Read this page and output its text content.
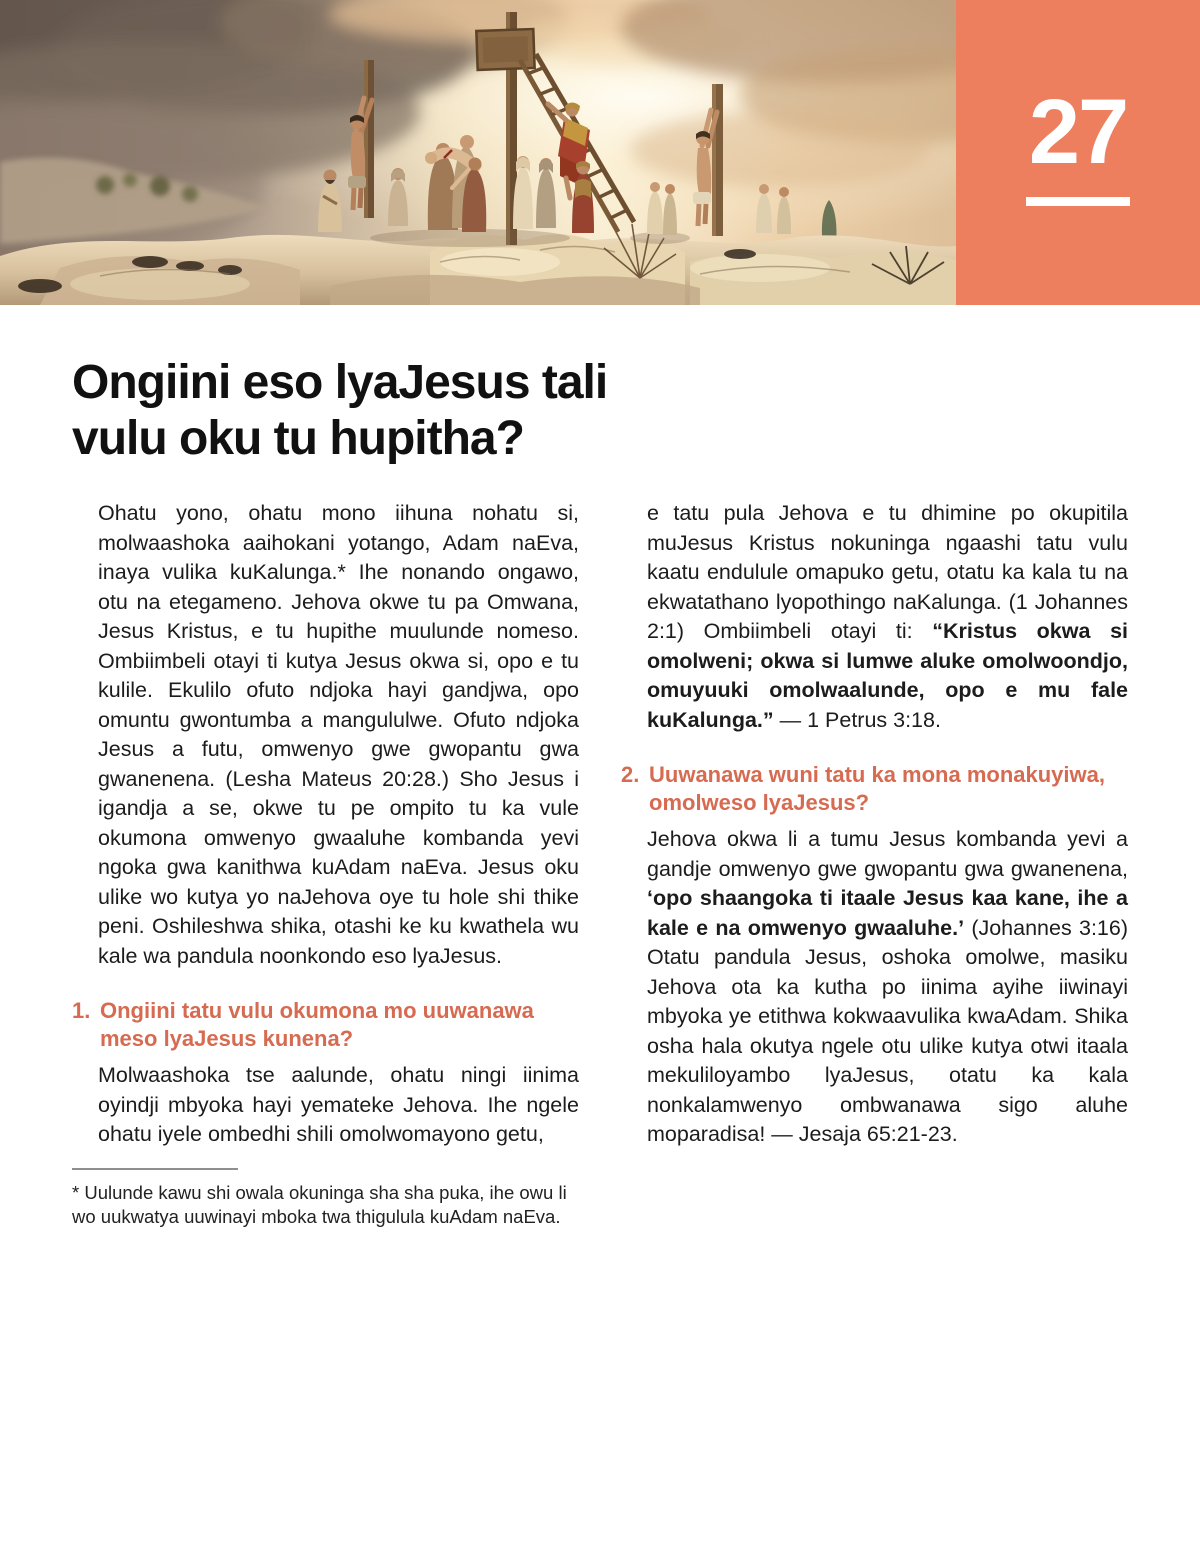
27
Ongiini eso lyaJesus tali
vulu oku tu hupitha?

Ohatu yono, ohatu mono iihuna nohatu si, molwaashoka aaihokani yotango, Adam naEva, inaya vulika kuKalunga.* Ihe nonando ongawo, otu na etegameno. Jehova okwe tu pa Omwana, Jesus Kristus, e tu hupithe muulunde nomeso. Ombiimbeli otayi ti kutya Jesus okwa si, opo e tu kulile. Ekulilo ofuto ndjoka hayi gandjwa, opo omuntu gwontumba a mangululwe. Ofuto ndjoka Jesus a futu, omwenyo gwe gwopantu gwa gwanenena. (Lesha Mateus 20:28.) Sho Jesus i igandja a se, okwe tu pe ompito tu ka vule okumona omwenyo gwaaluhe kombanda yevi ngoka gwa kanithwa kuAdam naEva. Jesus oku ulike wo kutya yo naJehova oye tu hole shi thike peni. Oshileshwa shika, otashi ke ku kwathela wu kale wa pandula noonkondo eso lyaJesus.

1. Ongiini tatu vulu okumona mo uuwanawa meso lyaJesus kunena?

Molwaashoka tse aalunde, ohatu ningi iinima oyindji mbyoka hayi yemateke Jehova. Ihe ngele ohatu iyele ombedhi shili omolwomayono getu,

* Uulunde kawu shi owala okuninga sha sha puka, ihe owu li wo uukwatya uuwinayi mboka twa thigulula kuAdam naEva.

e tatu pula Jehova e tu dhimine po okupitila muJesus Kristus nokuninga ngaashi tatu vulu kaatu endulule omapuko getu, otatu ka kala tu na ekwatathano lyopothingo naKalunga. (1 Johannes 2:1) Ombiimbeli otayi ti: “Kristus okwa si omolweni; okwa si lumwe aluke omolwoondjo, omuyuuki omolwaalunde, opo e mu fale kuKalunga.” — 1 Petrus 3:18.

2. Uuwanawa wuni tatu ka mona monakuyiwa, omolweso lyaJesus?

Jehova okwa li a tumu Jesus kombanda yevi a gandje omwenyo gwe gwopantu gwa gwanenena, ‘opo shaangoka ti itaale Jesus kaa kane, ihe a kale e na omwenyo gwaaluhe.’ (Johannes 3:16) Otatu pandula Jesus, oshoka omolwe, masiku Jehova ota ka kutha po iinima ayihe iiwinayi mbyoka ye etithwa kokwaavulika kwaAdam. Shika osha hala okutya ngele otu ulike kutya otwi itaala mekuliloyambo lyaJesus, otatu ka kala nonkalamwenyo ombwanawa sigo aluhe moparadisa! — Jesaja 65:21-23.
